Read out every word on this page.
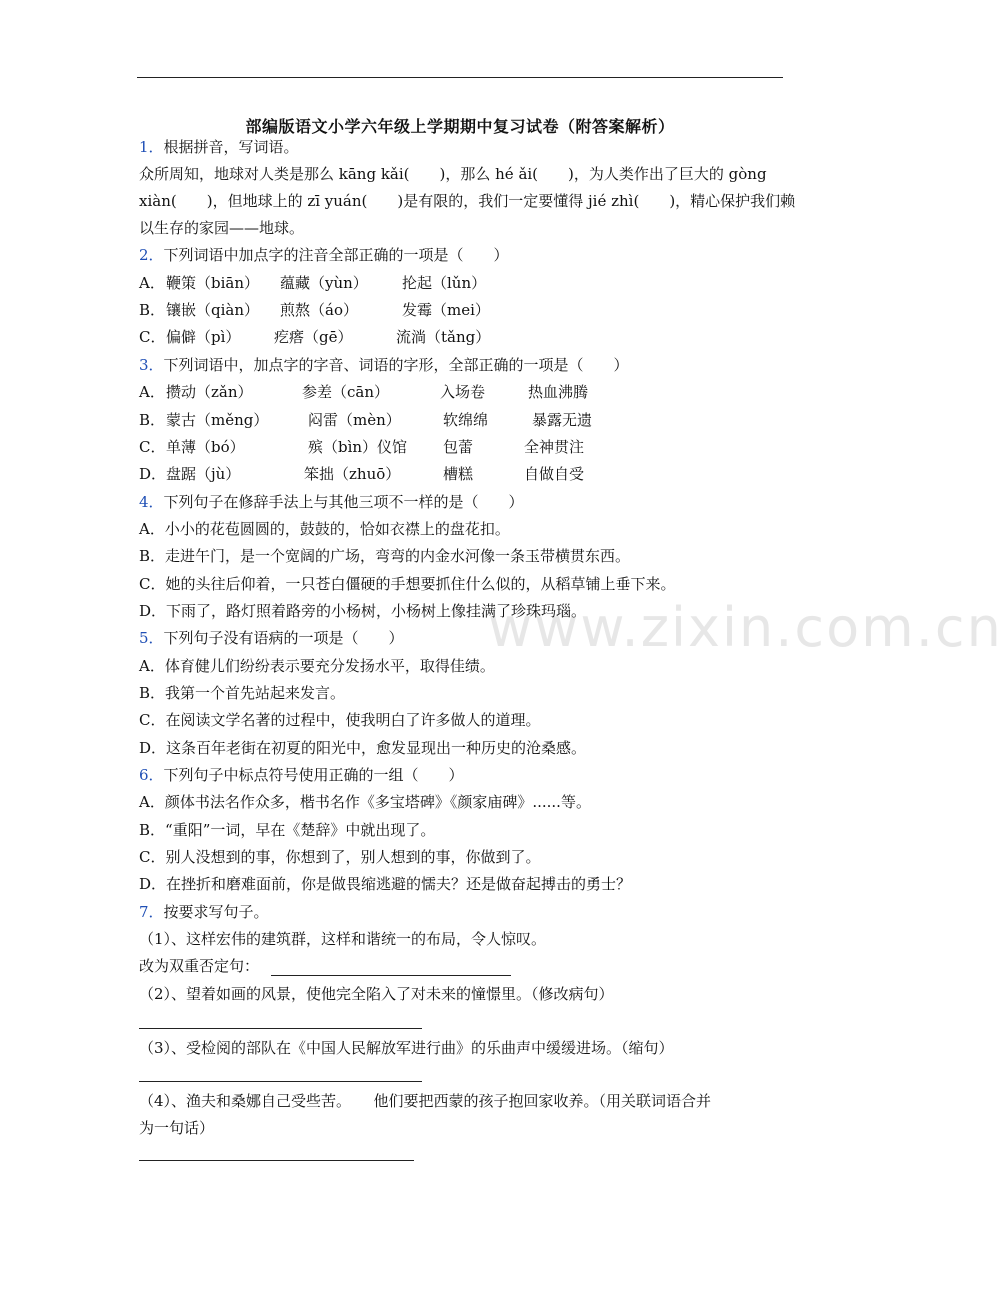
部编版语文小学六年级上学期期中复习试卷（附答案解析）
www.zixin.com.cn
1．根据拼音，写词语。
众所周知，地球对人类是那么 kāng kǎi(　　)，那么 hé ǎi(　　)，为人类作出了巨大的 gòng
xiàn(　　)，但地球上的 zī yuán(　　)是有限的，我们一定要懂得 jié zhì(　　)，精心保护我们赖
以生存的家园——地球。
2．下列词语中加点字的注音全部正确的一项是（　　）
A． 鞭策（biān） 蕴藏（yùn） 抡起（lǔn）
B． 镶嵌（qiàn） 煎熬（áo）	发霉（mei）
C． 偏僻（pì） 疙瘩（gē）	流淌（tǎng）
3．下列词语中，加点字的字音、词语的字形，全部正确的一项是（　　）
A． 攒动（zǎn）	参差（cān）	入场卷	热血沸腾
B． 蒙古（měng）	闷雷（mèn）	软绵绵	暴露无遗
C． 单薄（bó）	殡（bìn）仪馆 包蕾	全神贯注
D． 盘踞（jù）	笨拙（zhuō）	槽糕	自做自受
4．下列句子在修辞手法上与其他三项不一样的是（　　）
A．小小的花苞圆圆的，鼓鼓的，恰如衣襟上的盘花扣。
B．走进午门，是一个宽阔的广场，弯弯的内金水河像一条玉带横贯东西。
C．她的头往后仰着，一只苍白僵硬的手想要抓住什么似的，从稻草铺上垂下来。
D．下雨了，路灯照着路旁的小杨树，小杨树上像挂满了珍珠玛瑙。
5．下列句子没有语病的一项是（　　）
A．体育健儿们纷纷表示要充分发扬水平，取得佳绩。
B．我第一个首先站起来发言。
C．在阅读文学名著的过程中，使我明白了许多做人的道理。
D．这条百年老街在初夏的阳光中，愈发显现出一种历史的沧桑感。
6．下列句子中标点符号使用正确的一组（　　）
A．颜体书法名作众多，楷书名作《多宝塔碑》《颜家庙碑》......等。
B．“重阳”一词，早在《楚辞》中就出现了。
C．别人没想到的事，你想到了，别人想到的事，你做到了。
D．在挫折和磨难面前，你是做畏缩逃避的懦夫？还是做奋起搏击的勇士？
7．按要求写句子。
（1）、这样宏伟的建筑群，这样和谐统一的布局，令人惊叹。
改为双重否定句：
（2）、望着如画的风景，使他完全陷入了对未来的憧憬里。（修改病句）
（3）、受检阅的部队在《中国人民解放军进行曲》的乐曲声中缓缓进场。（缩句）
（4）、渔夫和桑娜自己受些苦。　　他们要把西蒙的孩子抱回家收养。（用关联词语合并
为一句话）
